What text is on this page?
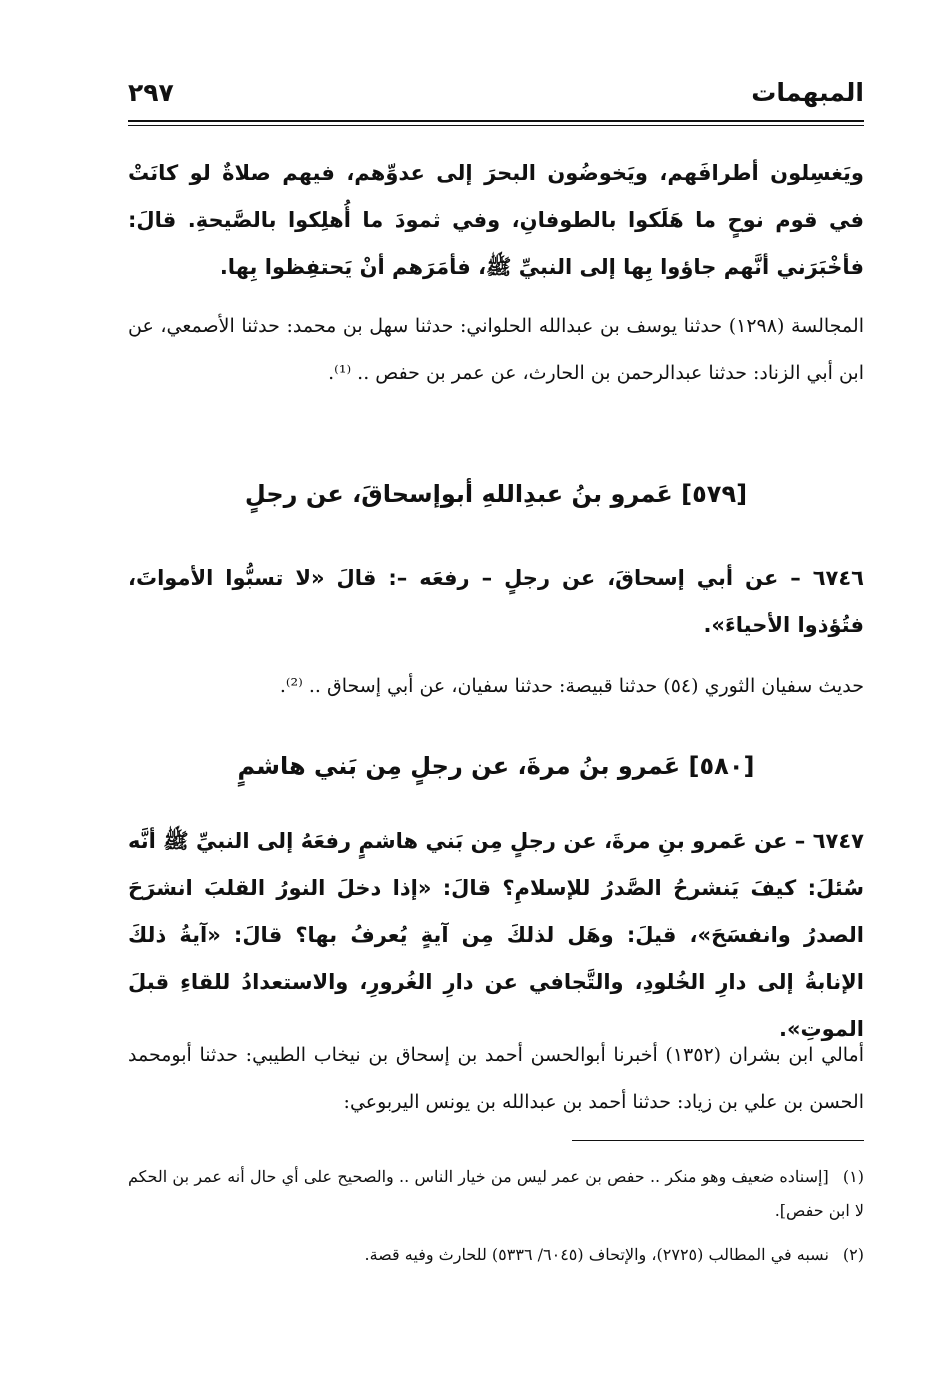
المبهمات
٢٩٧
ويَغسِلون أطرافَهم، ويَخوضُون البحرَ إلى عدوِّهم، فيهم صلاةٌ لو كانَتْ في قوم نوحٍ ما هَلَكوا بالطوفانِ، وفي ثمودَ ما أُهلِكوا بالصَّيحةِ. قالَ: فأخْبَرَني أنَّهم جاؤوا بِها إلى النبيِّ ﷺ، فأمَرَهم أنْ يَحتفِظوا بِها.
المجالسة (١٢٩٨) حدثنا يوسف بن عبدالله الحلواني: حدثنا سهل بن محمد: حدثنا الأصمعي، عن ابن أبي الزناد: حدثنا عبدالرحمن بن الحارث، عن عمر بن حفص .. ⁽¹⁾.
[٥٧٩] عَمرو بنُ عبدِاللهِ أبوإسحاقَ، عن رجلٍ
٦٧٤٦ – عن أبي إسحاقَ، عن رجلٍ – رفعَه –: قالَ «لا تسبُّوا الأمواتَ، فتُؤذوا الأحياءَ».
حديث سفيان الثوري (٥٤) حدثنا قبيصة: حدثنا سفيان، عن أبي إسحاق .. ⁽²⁾.
[٥٨٠] عَمرو بنُ مرةَ، عن رجلٍ مِن بَني هاشمٍ
٦٧٤٧ – عن عَمرو بنِ مرةَ، عن رجلٍ مِن بَني هاشمٍ رفعَهُ إلى النبيِّ ﷺ أنَّه سُئلَ: كيفَ يَنشرحُ الصَّدرُ للإسلامِ؟ قالَ: «إذا دخلَ النورُ القلبَ انشرَحَ الصدرُ وانفسَحَ»، قيلَ: وهَل لذلكَ مِن آيةٍ يُعرفُ بها؟ قالَ: «آيةُ ذلكَ الإنابةُ إلى دارِ الخُلودِ، والتَّجافي عن دارِ الغُرورِ، والاستعدادُ للقاءِ قبلَ الموتِ».
أمالي ابن بشران (١٣٥٢) أخبرنا أبوالحسن أحمد بن إسحاق بن نيخاب الطيبي: حدثنا أبومحمد الحسن بن علي بن زياد: حدثنا أحمد بن عبدالله بن يونس اليربوعي:
(١) [إسناده ضعيف وهو منكر .. حفص بن عمر ليس من خيار الناس .. والصحيح على أي حال أنه عمر بن الحكم لا ابن حفص].
(٢) نسبه في المطالب (٢٧٢٥)، والإتحاف (٦٠٤٥/ ٥٣٣٦) للحارث وفيه قصة.
